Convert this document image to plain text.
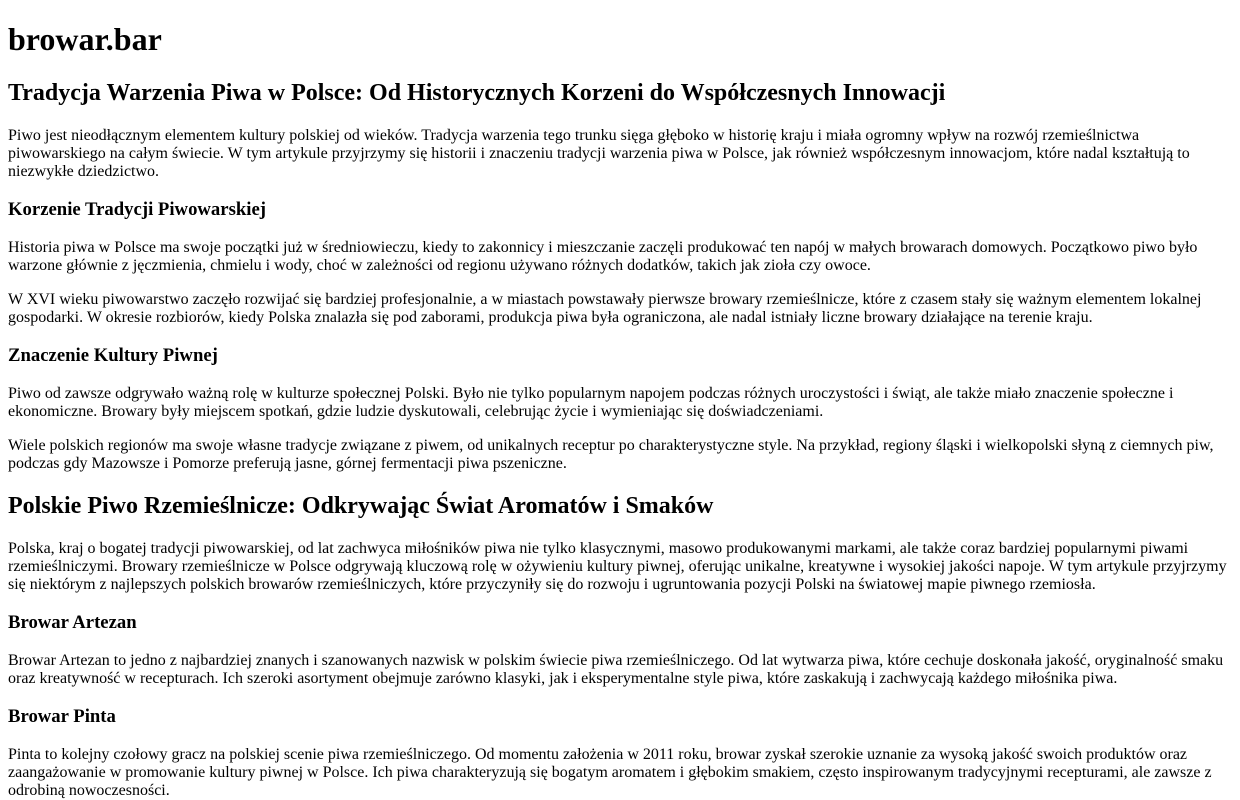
browar.bar
Tradycja Warzenia Piwa w Polsce: Od Historycznych Korzeni do Współczesnych Innowacji

Piwo jest nieodłącznym elementem kultury polskiej od wieków. Tradycja warzenia tego trunku sięga głęboko w historię kraju i miała ogromny wpływ na rozwój rzemieślnictwa piwowarskiego na całym świecie. W tym artykule przyjrzymy się historii i znaczeniu tradycji warzenia piwa w Polsce, jak również współczesnym innowacjom, które nadal kształtują to niezwykłe dziedzictwo.

Korzenie Tradycji Piwowarskiej

Historia piwa w Polsce ma swoje początki już w średniowieczu, kiedy to zakonnicy i mieszczanie zaczęli produkować ten napój w małych browarach domowych. Początkowo piwo było warzone głównie z jęczmienia, chmielu i wody, choć w zależności od regionu używano różnych dodatków, takich jak zioła czy owoce.

W XVI wieku piwowarstwo zaczęło rozwijać się bardziej profesjonalnie, a w miastach powstawały pierwsze browary rzemieślnicze, które z czasem stały się ważnym elementem lokalnej gospodarki. W okresie rozbiorów, kiedy Polska znalazła się pod zaborami, produkcja piwa była ograniczona, ale nadal istniały liczne browary działające na terenie kraju.

Znaczenie Kultury Piwnej

Piwo od zawsze odgrywało ważną rolę w kulturze społecznej Polski. Było nie tylko popularnym napojem podczas różnych uroczystości i świąt, ale także miało znaczenie społeczne i ekonomiczne. Browary były miejscem spotkań, gdzie ludzie dyskutowali, celebrując życie i wymieniając się doświadczeniami.

Wiele polskich regionów ma swoje własne tradycje związane z piwem, od unikalnych receptur po charakterystyczne style. Na przykład, regiony śląski i wielkopolski słyną z ciemnych piw, podczas gdy Mazowsze i Pomorze preferują jasne, górnej fermentacji piwa pszeniczne.

Polskie Piwo Rzemieślnicze: Odkrywając Świat Aromatów i Smaków

Polska, kraj o bogatej tradycji piwowarskiej, od lat zachwyca miłośników piwa nie tylko klasycznymi, masowo produkowanymi markami, ale także coraz bardziej popularnymi piwami rzemieślniczymi. Browary rzemieślnicze w Polsce odgrywają kluczową rolę w ożywieniu kultury piwnej, oferując unikalne, kreatywne i wysokiej jakości napoje. W tym artykule przyjrzymy się niektórym z najlepszych polskich browarów rzemieślniczych, które przyczyniły się do rozwoju i ugruntowania pozycji Polski na światowej mapie piwnego rzemiosła.

Browar Artezan

Browar Artezan to jedno z najbardziej znanych i szanowanych nazwisk w polskim świecie piwa rzemieślniczego. Od lat wytwarza piwa, które cechuje doskonała jakość, oryginalność smaku oraz kreatywność w recepturach. Ich szeroki asortyment obejmuje zarówno klasyki, jak i eksperymentalne style piwa, które zaskakują i zachwycają każdego miłośnika piwa.

Browar Pinta

Pinta to kolejny czołowy gracz na polskiej scenie piwa rzemieślniczego. Od momentu założenia w 2011 roku, browar zyskał szerokie uznanie za wysoką jakość swoich produktów oraz zaangażowanie w promowanie kultury piwnej w Polsce. Ich piwa charakteryzują się bogatym aromatem i głębokim smakiem, często inspirowanym tradycyjnymi recepturami, ale zawsze z odrobiną nowoczesności.
